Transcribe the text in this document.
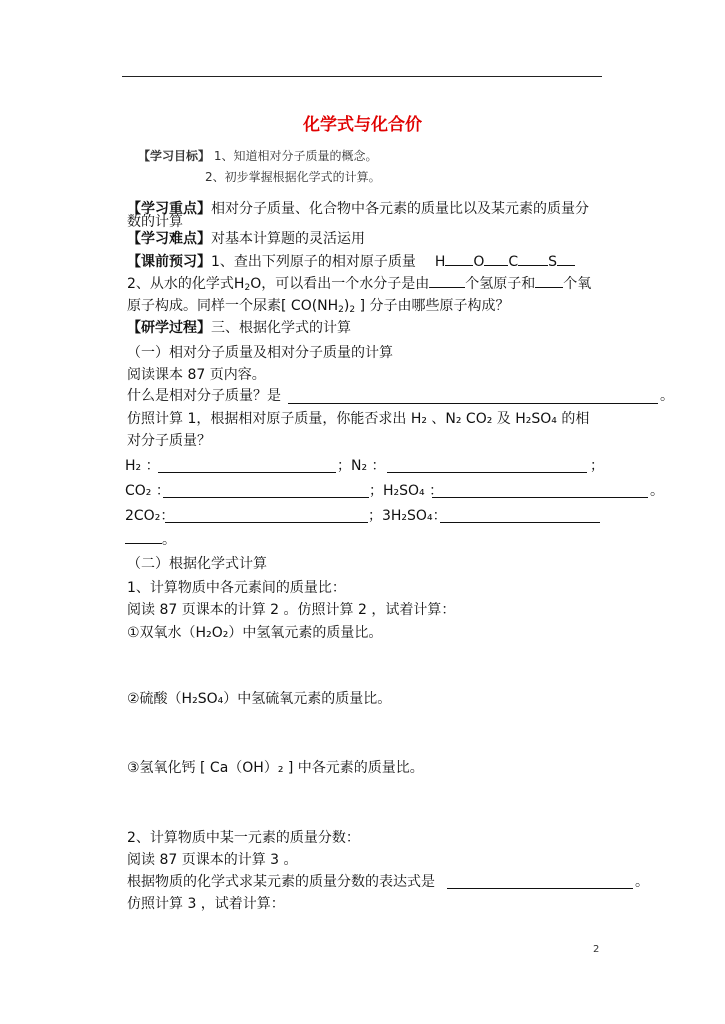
化学式与化合价
【学习目标】 1、知道相对分子质量的概念。
2、初步掌握根据化学式的计算。
【学习重点】相对分子质量、化合物中各元素的质量比以及某元素的质量分
数的计算
【学习难点】对基本计算题的灵活运用
【课前预习】1、查出下列原子的相对原子质量 H O C S
2、从水的化学式$H_2O$，可以看出一个水分子是由	个氢原子和 个氧
原子构成。同样一个尿素[ $CO(NH_2)_2$ ] 分子由哪些原子构成？
【研学过程】三、根据化学式的计算
（一）相对分子质量及相对分子质量的计算
阅读课本 87 页内容。
什么是相对分子质量？是	。
仿照计算 1，根据相对原子质量，你能否求出 H₂ 、N₂ CO₂ 及 H₂SO₄ 的相
对分子质量？
H₂ ：	；N₂ ：	；
CO₂ ：	；H₂SO₄ ：	。
2CO₂：	；3H₂SO₄：
。
（二）根据化学式计算
1、计算物质中各元素间的质量比：
阅读 87 页课本的计算 2 。仿照计算 2 ，试着计算：
①双氧水（H₂O₂）中氢氧元素的质量比。
②硫酸（H₂SO₄）中氢硫氧元素的质量比。
③氢氧化钙 [ Ca（OH）₂ ] 中各元素的质量比。
2、计算物质中某一元素的质量分数：
阅读 87 页课本的计算 3 。
根据物质的化学式求某元素的质量分数的表达式是	。
仿照计算 3 ，试着计算：
2
